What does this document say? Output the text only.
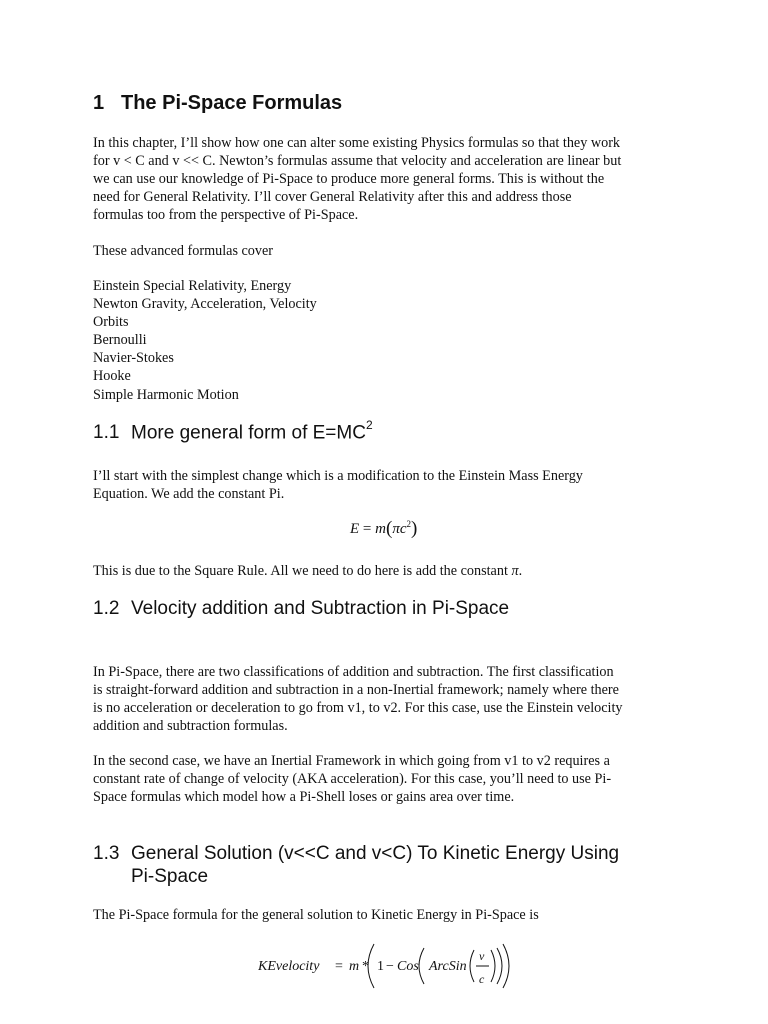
1 The Pi-Space Formulas
In this chapter, I’ll show how one can alter some existing Physics formulas so that they work
for v < C and v << C. Newton’s formulas assume that velocity and acceleration are linear but
we can use our knowledge of Pi-Space to produce more general forms. This is without the
need for General Relativity. I’ll cover General Relativity after this and address those
formulas too from the perspective of Pi-Space.
These advanced formulas cover
Einstein Special Relativity, Energy
Newton Gravity, Acceleration, Velocity
Orbits
Bernoulli
Navier-Stokes
Hooke
Simple Harmonic Motion
1.1 More general form of $E=MC^2$
I’ll start with the simplest change which is a modification to the Einstein Mass Energy
Equation. We add the constant Pi.
$E = m(\pi c^2)$
This is due to the Square Rule. All we need to do here is add the constant π.
1.2 Velocity addition and Subtraction in Pi-Space
In Pi-Space, there are two classifications of addition and subtraction. The first classification
is straight-forward addition and subtraction in a non-Inertial framework; namely where there
is no acceleration or deceleration to go from v1, to v2. For this case, use the Einstein velocity
addition and subtraction formulas.
In the second case, we have an Inertial Framework in which going from v1 to v2 requires a
constant rate of change of velocity (AKA acceleration). For this case, you’ll need to use Pi-
Space formulas which model how a Pi-Shell loses or gains area over time.
1.3 General Solution (v<<C and v<C) To Kinetic Energy Using
Pi-Space
The Pi-Space formula for the general solution to Kinetic Energy in Pi-Space is
KEvelocity = m * 1 − Cos ArcSin
v
c
